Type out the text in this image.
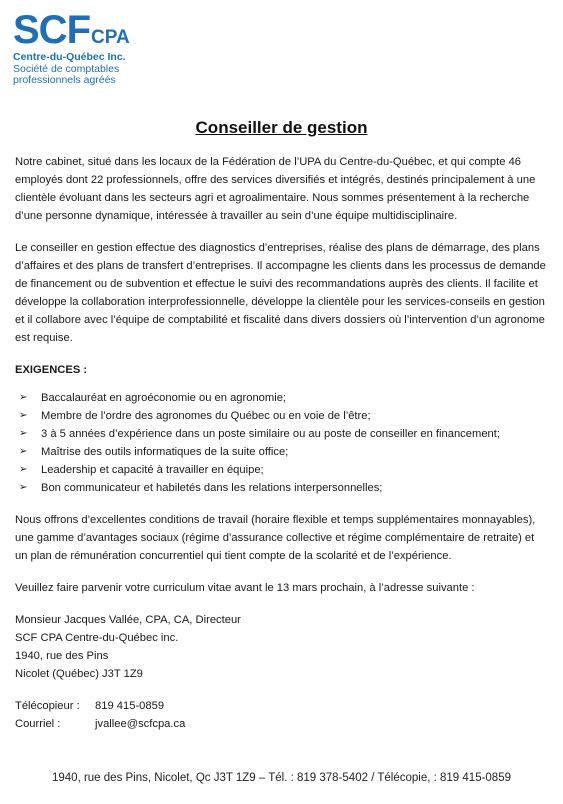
SCF CPA
Centre-du-Québec Inc.
Société de comptables
professionnels agréés
Conseiller de gestion

Notre cabinet, situé dans les locaux de la Fédération de l’UPA du Centre-du-Québec, et qui compte 46 employés dont 22 professionnels, offre des services diversifiés et intégrés, destinés principalement à une clientèle évoluant dans les secteurs agri et agroalimentaire. Nous sommes présentement à la recherche d’une personne dynamique, intéressée à travailler au sein d’une équipe multidisciplinaire.

Le conseiller en gestion effectue des diagnostics d’entreprises, réalise des plans de démarrage, des plans d’affaires et des plans de transfert d’entreprises. Il accompagne les clients dans les processus de demande de financement ou de subvention et effectue le suivi des recommandations auprès des clients. Il facilite et développe la collaboration interprofessionnelle, développe la clientèle pour les services-conseils en gestion et il collabore avec l’équipe de comptabilité et fiscalité dans divers dossiers où l’intervention d’un agronome est requise.

EXIGENCES :
➢ Baccalauréat en agroéconomie ou en agronomie;
➢ Membre de l’ordre des agronomes du Québec ou en voie de l’être;
➢ 3 à 5 années d’expérience dans un poste similaire ou au poste de conseiller en financement;
➢ Maîtrise des outils informatiques de la suite office;
➢ Leadership et capacité à travailler en équipe;
➢ Bon communicateur et habiletés dans les relations interpersonnelles;

Nous offrons d’excellentes conditions de travail (horaire flexible et temps supplémentaires monnayables), une gamme d’avantages sociaux (régime d’assurance collective et régime complémentaire de retraite) et un plan de rémunération concurrentiel qui tient compte de la scolarité et de l’expérience.

Veuillez faire parvenir votre curriculum vitae avant le 13 mars prochain, à l’adresse suivante :

Monsieur Jacques Vallée, CPA, CA, Directeur
SCF CPA Centre-du-Québec inc.
1940, rue des Pins
Nicolet (Québec) J3T 1Z9
Télécopieur :	819 415-0859
Courriel :	jvallee@scfcpa.ca
1940, rue des Pins, Nicolet, Qc J3T 1Z9 – Tél. : 819 378-5402 / Télécopie, : 819 415-0859
